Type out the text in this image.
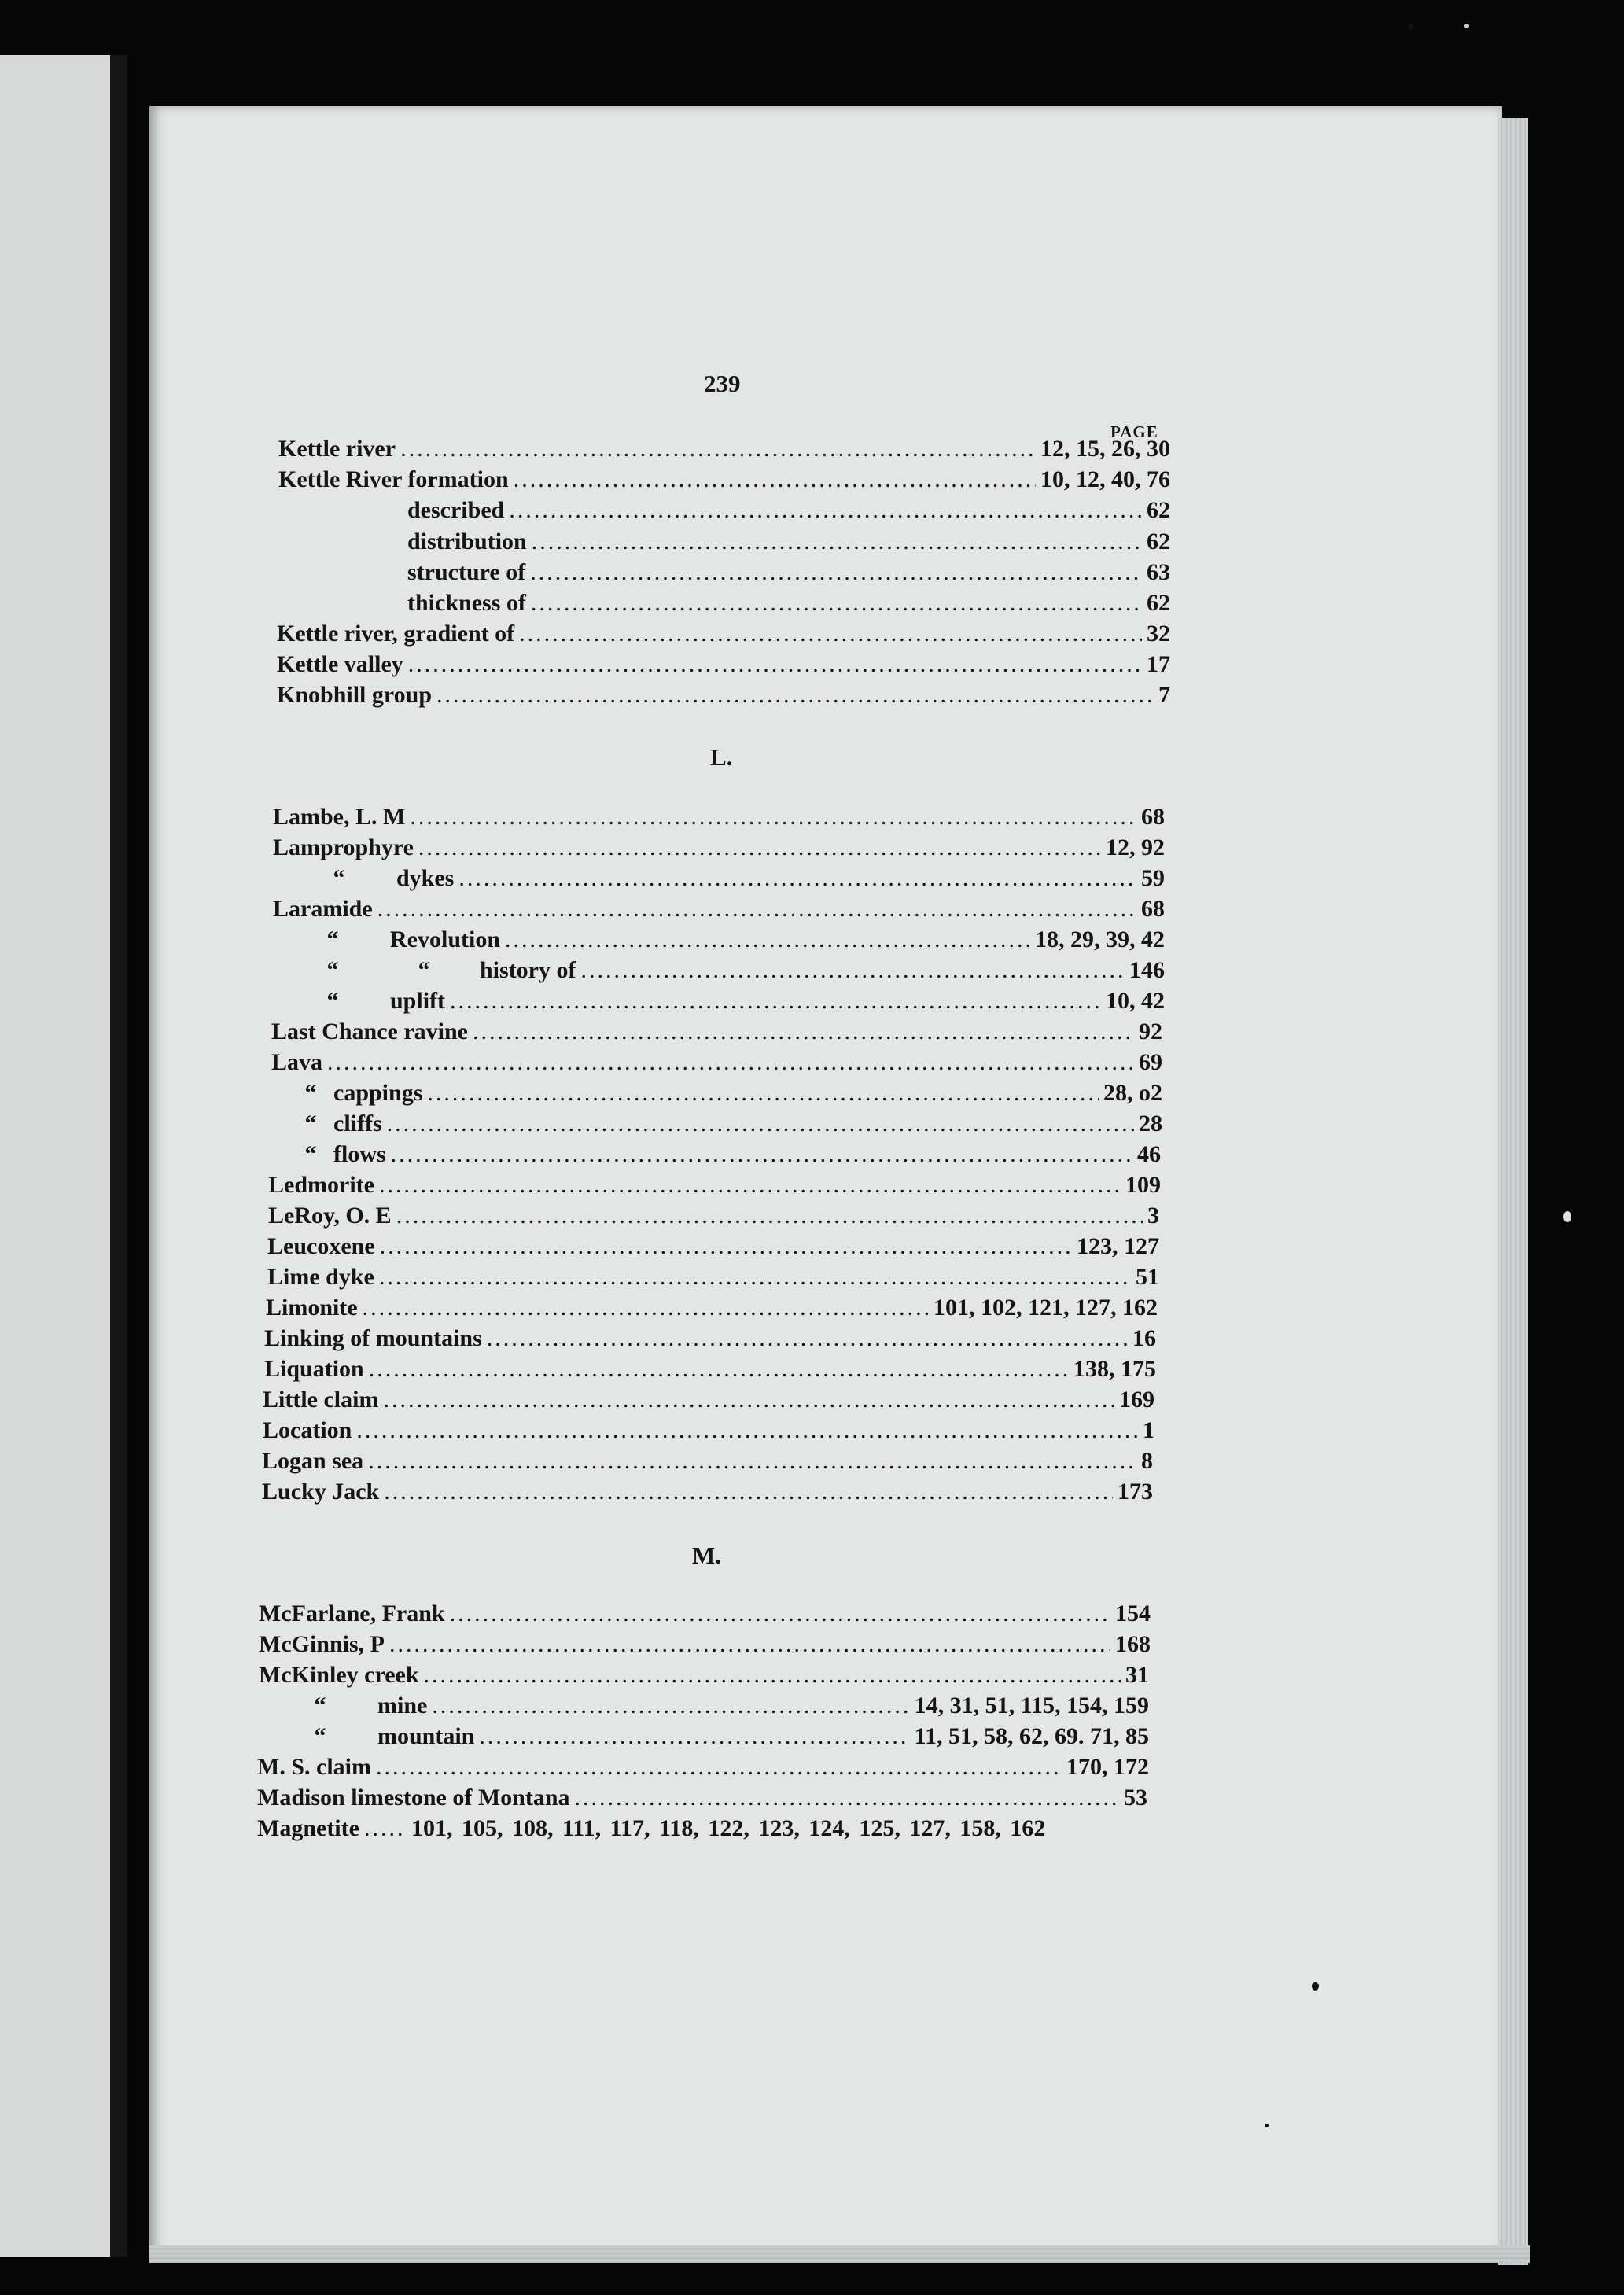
239
PAGE
L.
M.
Kettle river .....	12, 15, 26, 30
Kettle River formation .....	10, 12, 40, 76
described .....	62
distribution .....	62
structure of .....	63
thickness of .....	62
Kettle river, gradient of .....	32
Kettle valley .....	17
Knobhill group .....	7
Lambe, L. M .....	68
Lamprophyre .....	12, 92
“ dykes .....	59
Laramide .....	68
“ Revolution .....	18, 29, 39, 42
“	“ history of .....	146
“ uplift .....	10, 42
Last Chance ravine .....	92
Lava .....	69
“ cappings .....	28, o2
“ cliffs .....	28
“ flows .....	46
Ledmorite .....	109
LeRoy, O. E .....	3
Leucoxene .....	123, 127
Lime dyke .....	51
Limonite .....	101, 102, 121, 127, 162
Linking of mountains .....	16
Liquation .....	138, 175
Little claim .....	169
Location .....	1
Logan sea .....	8
Lucky Jack .....	173
McFarlane, Frank .....	154
McGinnis, P .....	168
McKinley creek .....	31
“ mine .....	14, 31, 51, 115, 154, 159
“ mountain .....	11, 51, 58, 62, 69. 71, 85
M. S. claim .....	170, 172
Madison limestone of Montana .....	53
Magnetite ..... 101, 105, 108, 111, 117, 118, 122, 123, 124, 125, 127, 158, 162
